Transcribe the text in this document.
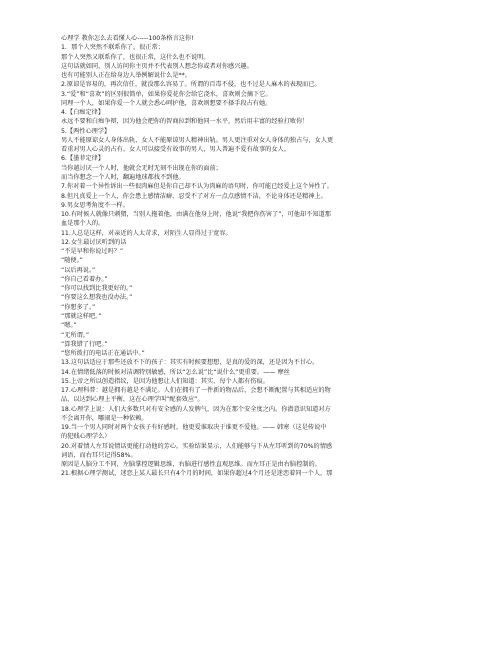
心理学 教你怎么去看懂人心-----100条格言这你!
1．那个人突然不联系你了，很正常；
那个人突然又联系你了，也很正常，这什么也不说明。
这句话就如同，别人访问你主页并不代表别人想念你或者对你感兴趣。
也有可能别人正在给身边人举例解说什么是**。
2.原谅是容易的，再次信任，就没那么容易了。所谓的百毒不侵，也不过是人麻木的表现而已。
3.“爱”和“喜欢”的区别很简单，如果你爱花你会给它浇水，喜欢则会摘下它。
同理一个人，如果你爱一个人就会悉心呵护他，喜欢则想要不择手段占有她。
4.【白痴定律】
永远不要和白痴争辩，因为他会把你的智商拉到和他同一水平，然后用丰富的经验打败你！
5.【两性心理学】
男人不能原谅女人身体出轨，女人不能原谅男人精神出轨。男人更注重对女人身体的独占与，女人更
看重对男人心灵的占有。女人可以接受有故事的男人，男人普遍不爱有故事的女人。
6.【墨菲定律】
当你越讨厌一个人时，他就会无时无刻不出现在你的面前；
而当你想念一个人时，翻遍地球都找不到他。
7.你对着一个异性诉出一些很肉麻但是你自己却不认为肉麻的语句时，你可能已经爱上这个异性了。
8.但凡真爱上一个人，你会患上感情洁癖，忍受不了对方一点点感情不洁，不论身体还是精神上。
9.男女思考角度不一样。
10.有时候人就像只刺猬，当别人拖着他，由满在他身上时，他说“我把你伤害了”，可他却不知道那
血是那个人的。
11.人总是这样，对亲近的人太苛求，对陌生人显得过于宽容。
12.女生最讨厌听到的话
“不是早和你说过吗？”
“随便。”
“以后再说。”
“你自己看着办。”
“你可以找到比我更好的。”
“你要这么想我也没办法。”
“你想多了。”
“那就这样吧。”
“嗯。”
“无所谓。”
“算我错了行吧。”
“您所拨打的电话正在通话中。”
13.这句话适应于那些还放不下的孩子：其实有时候要想想，是真的爱的深，还是因为不甘心。
14.在情绪低落的时候对洁调特别敏感，所以“怎么说”比“说什么”更重要。—— 摩丝
15.上帝之所以创造指纹，是因为他想让人们知道：其实，每个人都有伤痕。
17.心理科普：越是拥有越是不满足。人们在拥有了一件新的物品后，会想不断配置与其相适应的物
品，以达到心理上平衡，这在心理学叫“配套效应”。
18.心理学上说：人们大多数只对有安全感的人发脾气，因为在那个安全度之内。你潜意识知道对方
不会离开你，哪闹是一种依赖。
19.当一个男人同时对两个女孩子有好感时，他更爱谁取决于谁更不爱他。—— 韩寒（这是传说中
的犯贱心理学么）
20.对着情人左耳说情话更能打动他的芳心。实验结果显示，人们能够与下从左耳听到的70%的情感
词语，而右耳只记得58%。
原因是人脑分工不同，左脑掌控逻辑思维，右脑进行感性直观思维。而左耳正是由右脑控制的。
21.根据心理学测试，迷恋上某人最长只有4个月的时间，如果你超过4个月还是迷恋着同一个人，那
